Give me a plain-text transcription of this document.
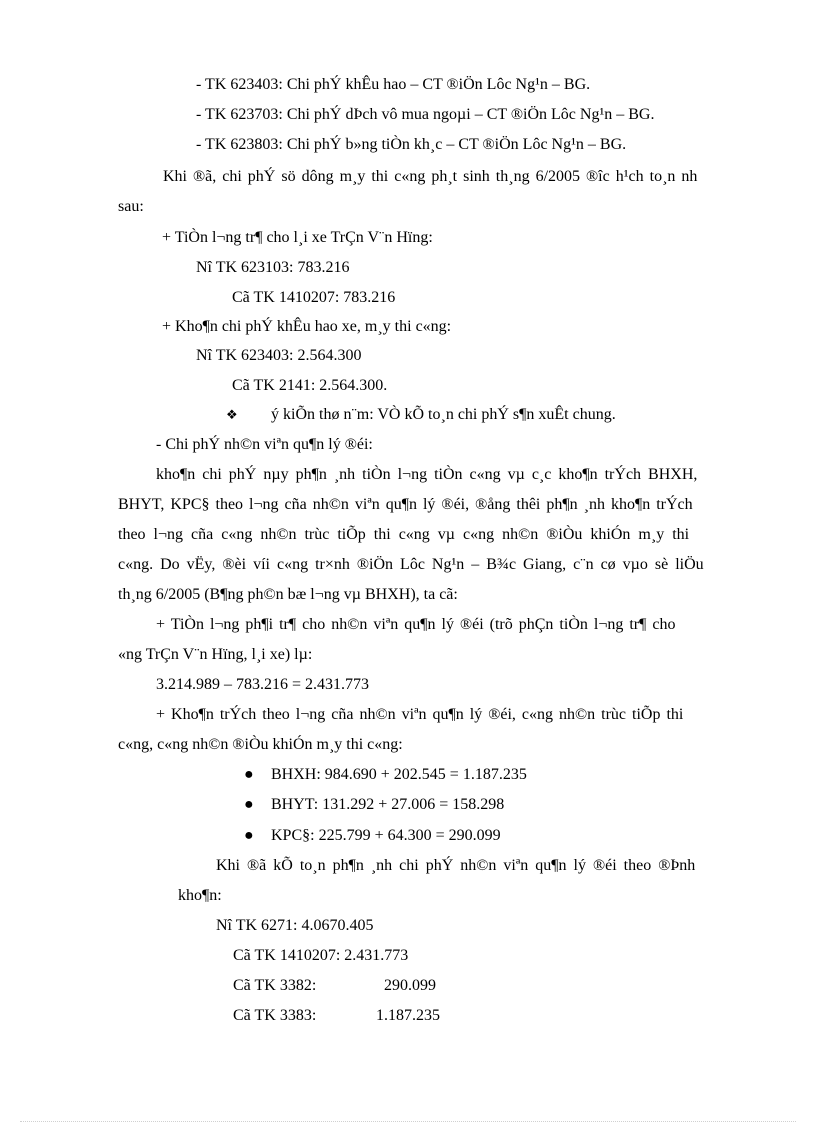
- TK 623403: Chi phÝ khÊu hao – CT ®iÖn Lôc Ng¹n – BG.
- TK 623703: Chi phÝ dÞch vô mua ngoµi – CT ®iÖn Lôc Ng¹n – BG.
- TK 623803: Chi phÝ b»ng tiÒn kh¸c – CT ®iÖn Lôc Ng¹n – BG.
Khi ®ã, chi phÝ sö dông m¸y thi c«ng ph¸t sinh th¸ng 6/2005 ®îc h¹ch to¸n nh
sau:
+ TiÒn l¬ng tr¶ cho l¸i xe TrÇn V¨n Hïng:
Nî TK 623103: 783.216
Cã TK 1410207: 783.216
+ Kho¶n chi phÝ khÊu hao xe, m¸y thi c«ng:
Nî TK 623403: 2.564.300
Cã TK 2141: 2.564.300.
❖ ý kiÕn thø n¨m: VÒ kÕ to¸n chi phÝ s¶n xuÊt chung.
- Chi phÝ nh©n viªn qu¶n lý ®éi:
kho¶n chi phÝ nµy ph¶n ¸nh tiÒn l¬ng tiÒn c«ng vµ c¸c kho¶n trÝch BHXH,
BHYT, KPC§ theo l¬ng cña nh©n viªn qu¶n lý ®éi, ®ång thêi ph¶n ¸nh kho¶n trÝch
theo l¬ng cña c«ng nh©n trùc tiÕp thi c«ng vµ c«ng nh©n ®iÒu khiÓn m¸y thi
c«ng. Do vËy, ®èi víi c«ng tr×nh ®iÖn Lôc Ng¹n – B¾c Giang, c¨n cø vµo sè liÖu
th¸ng 6/2005 (B¶ng ph©n bæ l¬ng vµ BHXH), ta cã:
+ TiÒn l¬ng ph¶i tr¶ cho nh©n viªn qu¶n lý ®éi (trõ phÇn tiÒn l¬ng tr¶ cho
«ng TrÇn V¨n Hïng, l¸i xe) lµ:
3.214.989 – 783.216 = 2.431.773
+ Kho¶n trÝch theo l¬ng cña nh©n viªn qu¶n lý ®éi, c«ng nh©n trùc tiÕp thi
c«ng, c«ng nh©n ®iÒu khiÓn m¸y thi c«ng:
● BHXH: 984.690 + 202.545 = 1.187.235
● BHYT: 131.292 + 27.006 = 158.298
● KPC§: 225.799 + 64.300 = 290.099
Khi ®ã kÕ to¸n ph¶n ¸nh chi phÝ nh©n viªn qu¶n lý ®éi theo ®Þnh
kho¶n:
Nî TK 6271: 4.0670.405
Cã TK 1410207: 2.431.773
Cã TK 3382:	290.099
Cã TK 3383:	1.187.235
